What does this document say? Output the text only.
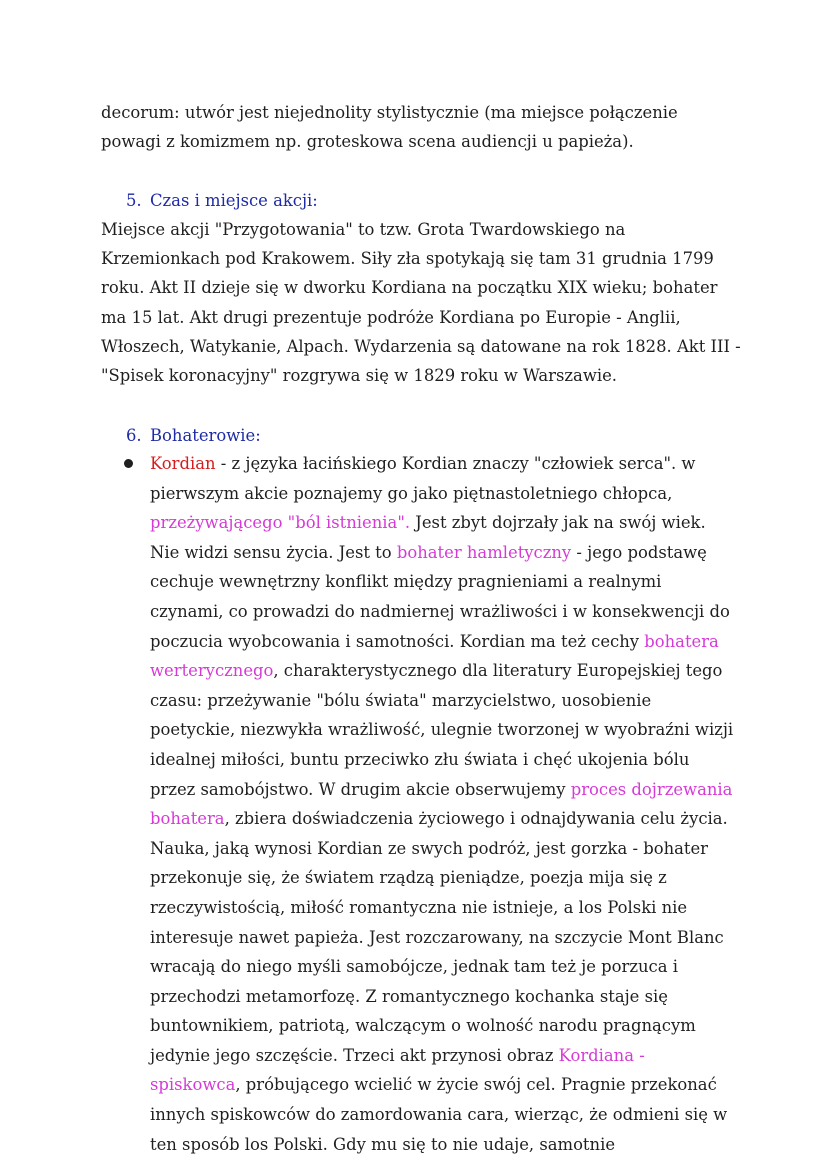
decorum: utwór jest niejednolity stylistycznie (ma miejsce połączenie powagi z komizmem np. groteskowa scena audiencji u papieża).

5. Czas i miejsce akcji:

Miejsce akcji "Przygotowania" to tzw. Grota Twardowskiego na Krzemionkach pod Krakowem. Siły zła spotykają się tam 31 grudnia 1799 roku. Akt II dzieje się w dworku Kordiana na początku XIX wieku; bohater ma 15 lat. Akt drugi prezentuje podróże Kordiana po Europie - Anglii, Włoszech, Watykanie, Alpach. Wydarzenia są datowane na rok 1828. Akt III - "Spisek koronacyjny" rozgrywa się w 1829 roku w Warszawie.

6. Bohaterowie:

Kordian - z języka łacińskiego Kordian znaczy "człowiek serca". w pierwszym akcie poznajemy go jako piętnastoletniego chłopca, przeżywającego "ból istnienia". Jest zbyt dojrzały jak na swój wiek. Nie widzi sensu życia. Jest to bohater hamletyczny - jego podstawę cechuje wewnętrzny konflikt między pragnieniami a realnymi czynami, co prowadzi do nadmiernej wrażliwości i w konsekwencji do poczucia wyobcowania i samotności. Kordian ma też cechy bohatera werterycznego, charakterystycznego dla literatury Europejskiej tego czasu: przeżywanie "bólu świata" marzycielstwo, uosobienie poetyckie, niezwykła wrażliwość, ulegnie tworzonej w wyobraźni wizji idealnej miłości, buntu przeciwko złu świata i chęć ukojenia bólu przez samobójstwo. W drugim akcie obserwujemy proces dojrzewania bohatera, zbiera doświadczenia życiowego i odnajdywania celu życia. Nauka, jaką wynosi Kordian ze swych podróż, jest gorzka - bohater przekonuje się, że światem rządzą pieniądze, poezja mija się z rzeczywistością, miłość romantyczna nie istnieje, a los Polski nie interesuje nawet papieża. Jest rozczarowany, na szczycie Mont Blanc wracają do niego myśli samobójcze, jednak tam też je porzuca i przechodzi metamorfozę. Z romantycznego kochanka staje się buntownikiem, patriotą, walczącym o wolność narodu pragnącym jedynie jego szczęście. Trzeci akt przynosi obraz Kordiana - spiskowca, próbującego wcielić w życie swój cel. Pragnie przekonać innych spiskowców do zamordowania cara, wierząc, że odmieni się w ten sposób los Polski. Gdy mu się to nie udaje, samotnie
